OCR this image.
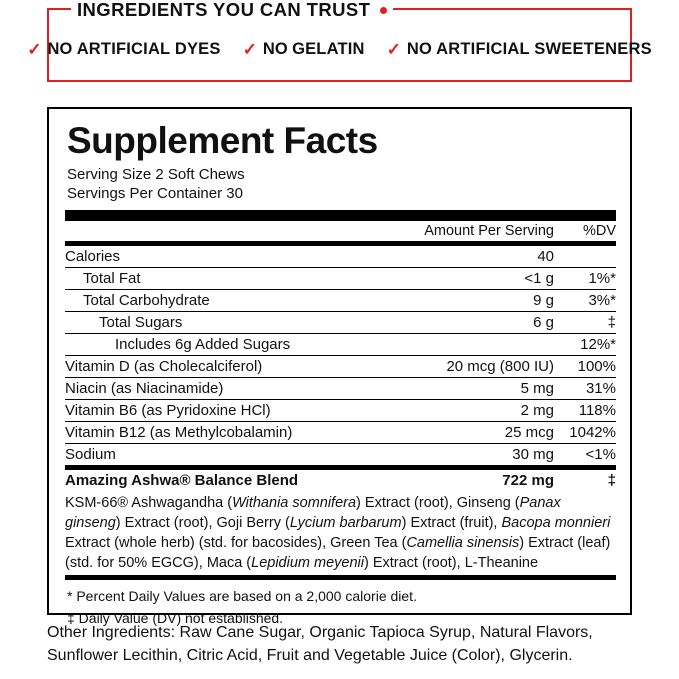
INGREDIENTS YOU CAN TRUST
✓ NO ARTIFICIAL DYES ✓ NO GELATIN ✓ NO ARTIFICIAL SWEETENERS
Supplement Facts
Serving Size 2 Soft Chews
Servings Per Container 30
	Amount Per Serving	%DV
Calories	40	
Total Fat	<1 g	1%*
Total Carbohydrate	9 g	3%*
Total Sugars	6 g	‡
Includes 6g Added Sugars		12%*
Vitamin D (as Cholecalciferol)	20 mcg (800 IU)	100%
Niacin (as Niacinamide)	5 mg	31%
Vitamin B6 (as Pyridoxine HCl)	2 mg	118%
Vitamin B12 (as Methylcobalamin)	25 mcg	1042%
Sodium	30 mg	<1%
Amazing Ashwa® Balance Blend	722 mg	‡
KSM-66® Ashwagandha (Withania somnifera) Extract (root), Ginseng (Panax ginseng) Extract (root), Goji Berry (Lycium barbarum) Extract (fruit), Bacopa monnieri Extract (whole herb) (std. for bacosides), Green Tea (Camellia sinensis) Extract (leaf) (std. for 50% EGCG), Maca (Lepidium meyenii) Extract (root), L-Theanine
* Percent Daily Values are based on a 2,000 calorie diet.
‡ Daily Value (DV) not established.
Other Ingredients: Raw Cane Sugar, Organic Tapioca Syrup, Natural Flavors, Sunflower Lecithin, Citric Acid, Fruit and Vegetable Juice (Color), Glycerin.
